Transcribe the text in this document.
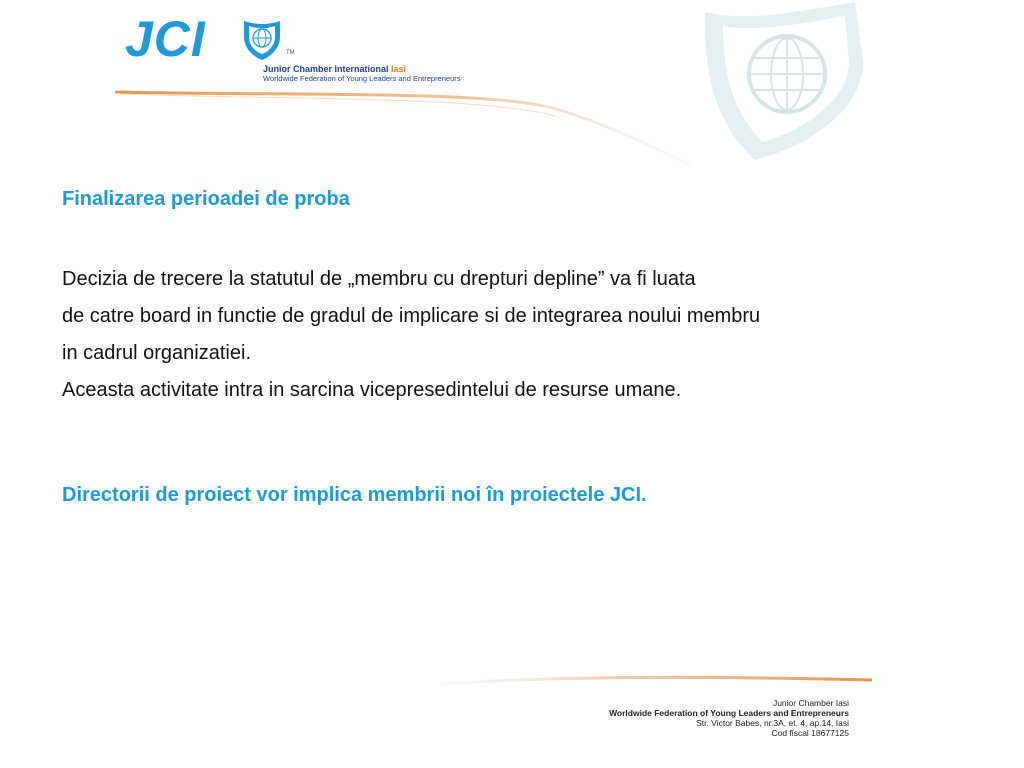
JCI	TM
Junior Chamber International Iasi
Worldwide Federation of Young Leaders and Entrepreneurs
Finalizarea perioadei de proba

Decizia de trecere la statutul de „membru cu drepturi depline” va fi luata
de catre board in functie de gradul de implicare si de integrarea noului membru
in cadrul organizatiei.
Aceasta activitate intra in sarcina vicepresedintelui de resurse umane.

Directorii de proiect vor implica membrii noi în proiectele JCI.

Junior Chamber Iasi
Worldwide Federation of Young Leaders and Entrepreneurs
Str. Victor Babes, nr.3A, et. 4, ap.14, Iasi
Cod fiscal 18677125
